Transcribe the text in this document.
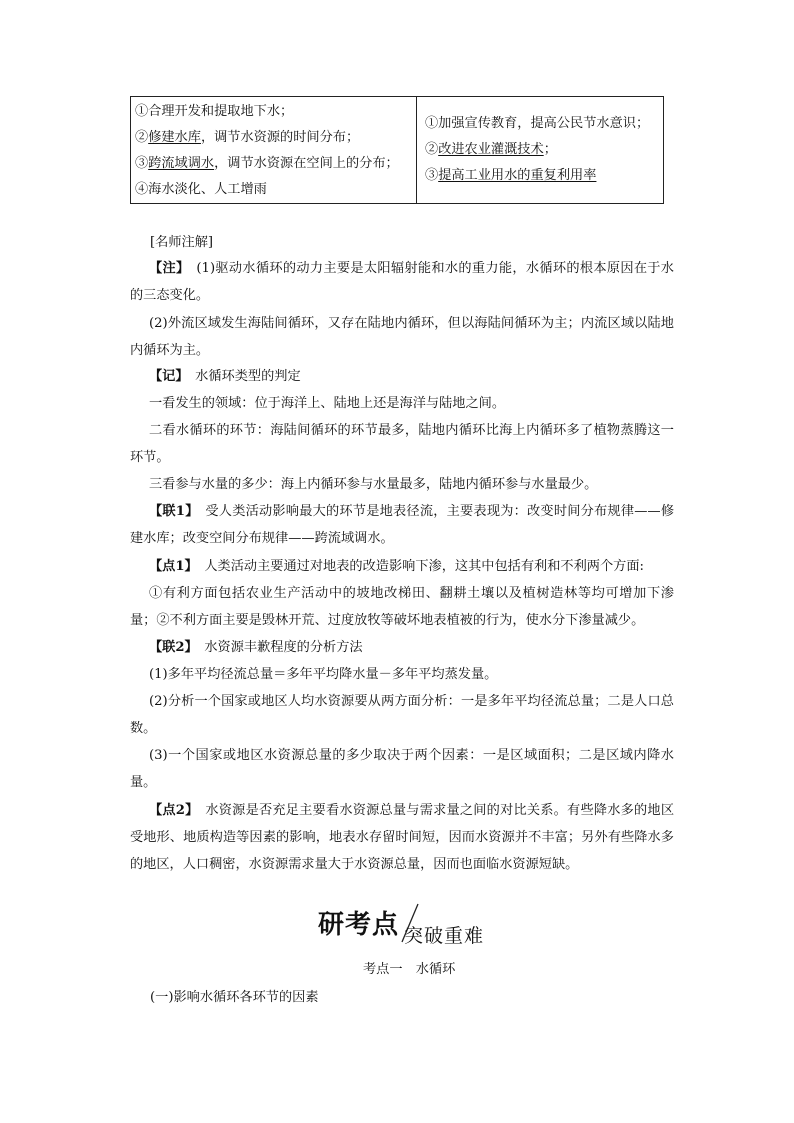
①合理开发和提取地下水；
②修建水库，调节水资源的时间分布；
③跨流域调水，调节水资源在空间上的分布；
④海水淡化、人工增雨
①加强宣传教育，提高公民节水意识；
②改进农业灌溉技术；
③提高工业用水的重复利用率
[名师注解]

【注】　(1)驱动水循环的动力主要是太阳辐射能和水的重力能，水循环的根本原因在于水的三态变化。

(2)外流区域发生海陆间循环，又存在陆地内循环，但以海陆间循环为主；内流区域以陆地内循环为主。

【记】　水循环类型的判定

一看发生的领域：位于海洋上、陆地上还是海洋与陆地之间。

二看水循环的环节：海陆间循环的环节最多，陆地内循环比海上内循环多了植物蒸腾这一环节。

三看参与水量的多少：海上内循环参与水量最多，陆地内循环参与水量最少。

【联1】　受人类活动影响最大的环节是地表径流，主要表现为：改变时间分布规律——修建水库；改变空间分布规律——跨流域调水。

【点1】　人类活动主要通过对地表的改造影响下渗，这其中包括有利和不利两个方面:

①有利方面包括农业生产活动中的坡地改梯田、翻耕土壤以及植树造林等均可增加下渗量；②不利方面主要是毁林开荒、过度放牧等破坏地表植被的行为，使水分下渗量减少。

【联2】　水资源丰歉程度的分析方法

(1)多年平均径流总量＝多年平均降水量－多年平均蒸发量。

(2)分析一个国家或地区人均水资源要从两方面分析：一是多年平均径流总量；二是人口总数。

(3)一个国家或地区水资源总量的多少取决于两个因素：一是区域面积；二是区域内降水量。

【点2】　水资源是否充足主要看水资源总量与需求量之间的对比关系。有些降水多的地区受地形、地质构造等因素的影响，地表水存留时间短，因而水资源并不丰富；另外有些降水多的地区，人口稠密，水资源需求量大于水资源总量，因而也面临水资源短缺。

研考点 突破重难
考点一　水循环
(一)影响水循环各环节的因素
